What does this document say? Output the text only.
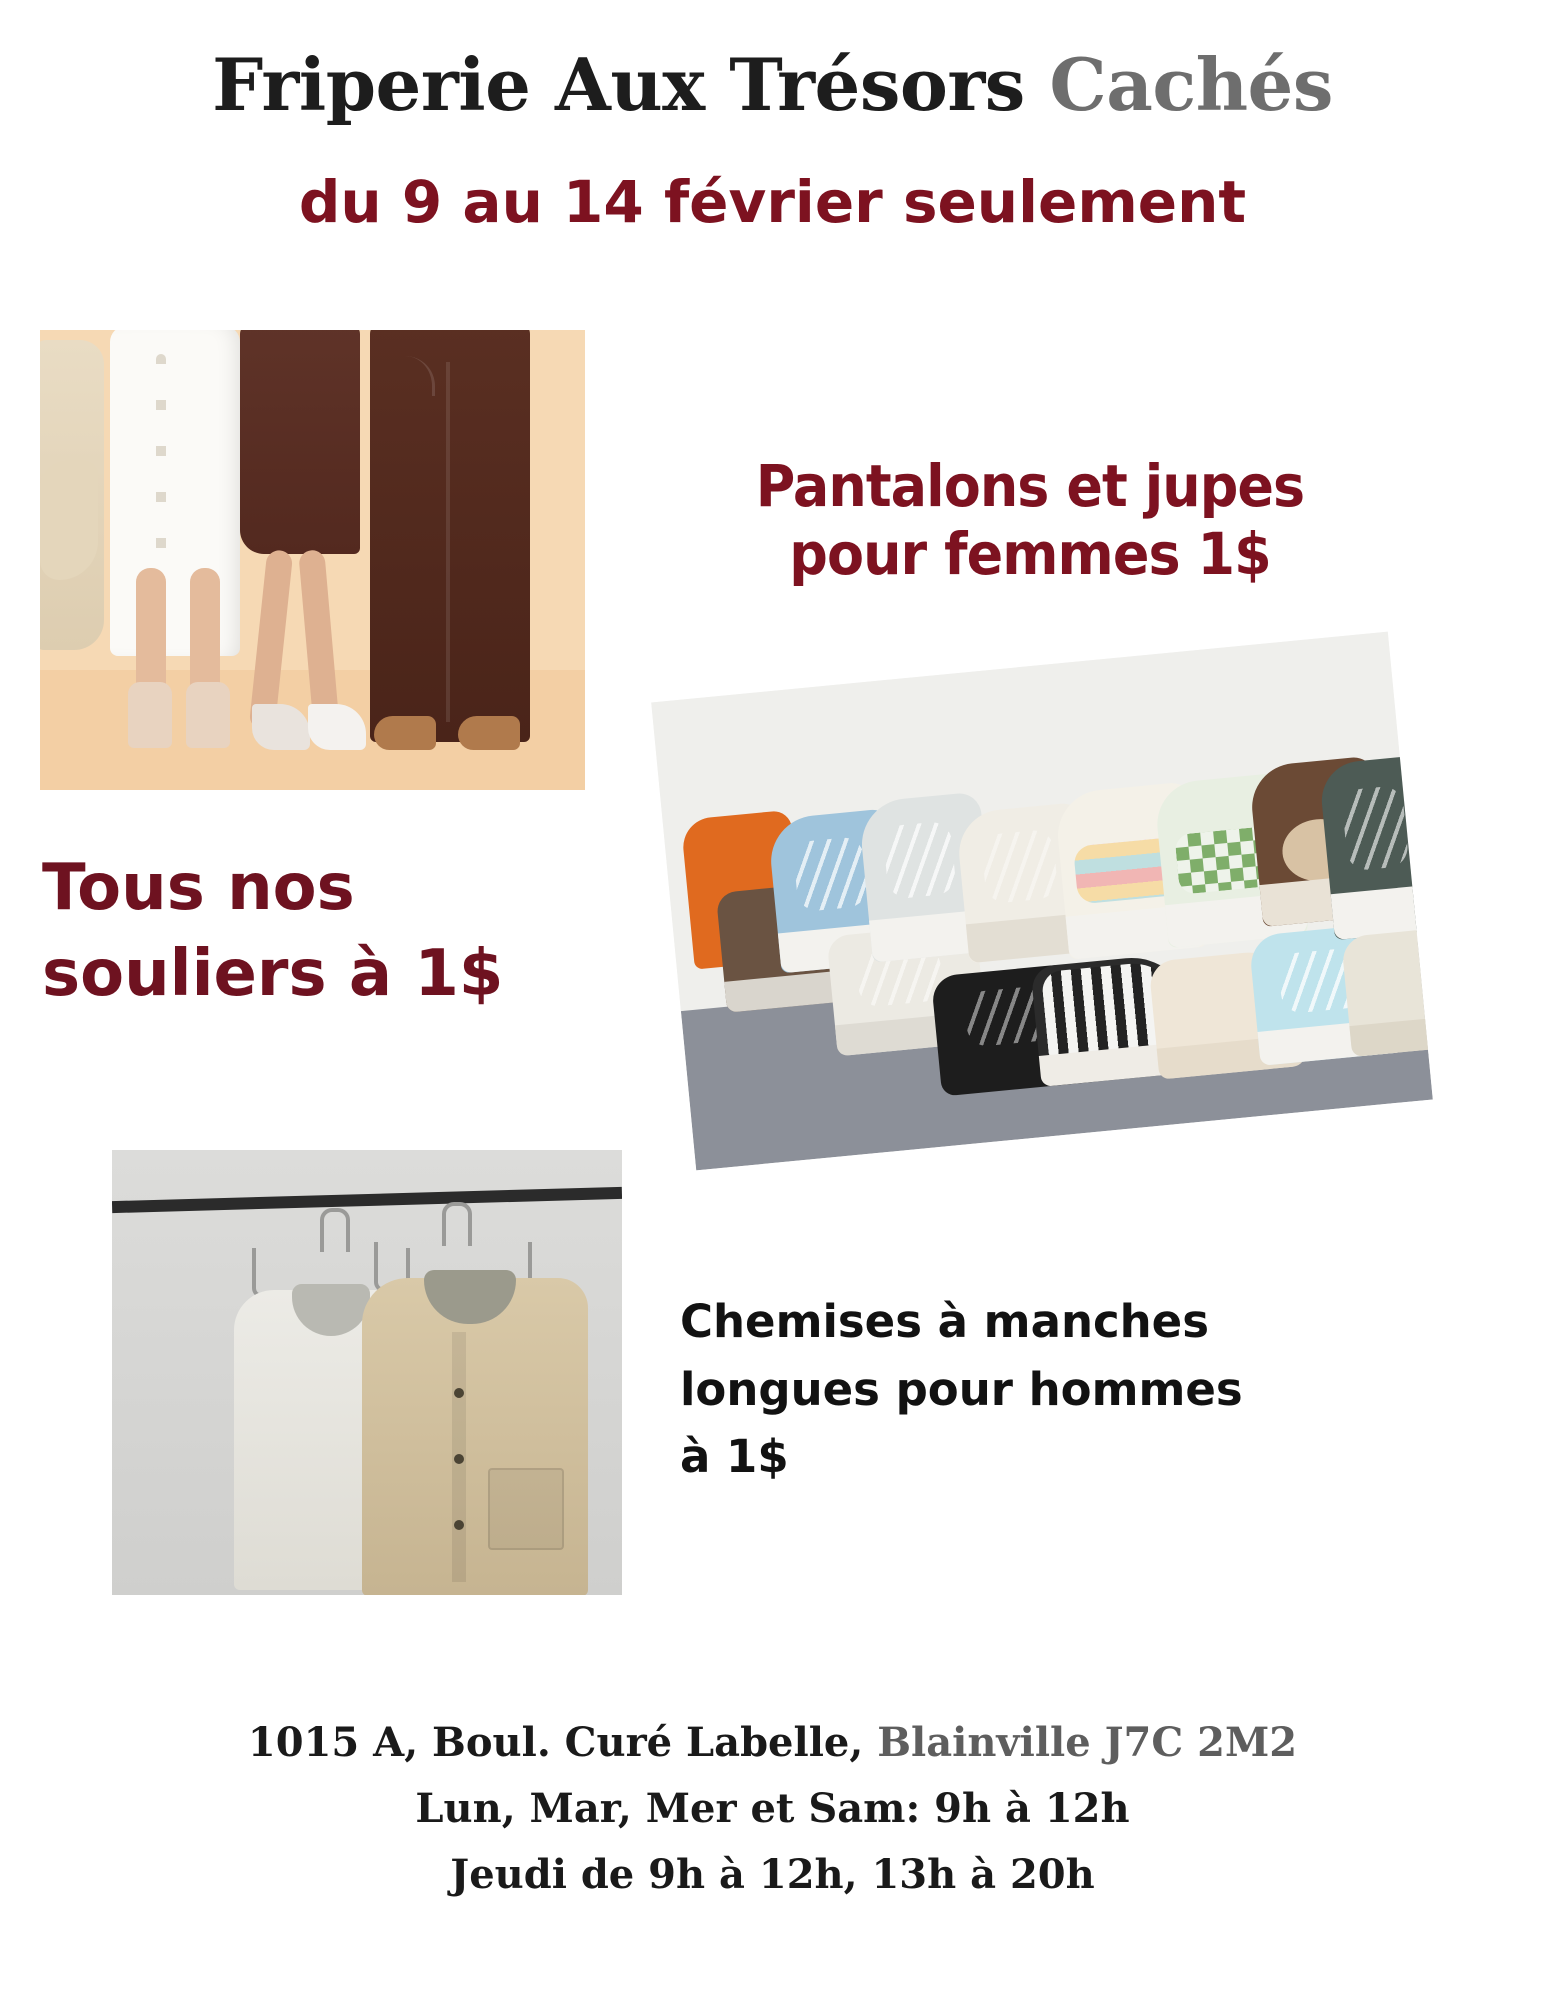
Friperie Aux Trésors Cachés
du 9 au 14 février seulement
Pantalons et jupes
pour femmes 1$
Tous nos
souliers à 1$
Chemises à manches longues pour hommes à 1$
1015 A, Boul. Curé Labelle, Blainville J7C 2M2
Lun, Mar, Mer et Sam: 9h à 12h
Jeudi de 9h à 12h, 13h à 20h
